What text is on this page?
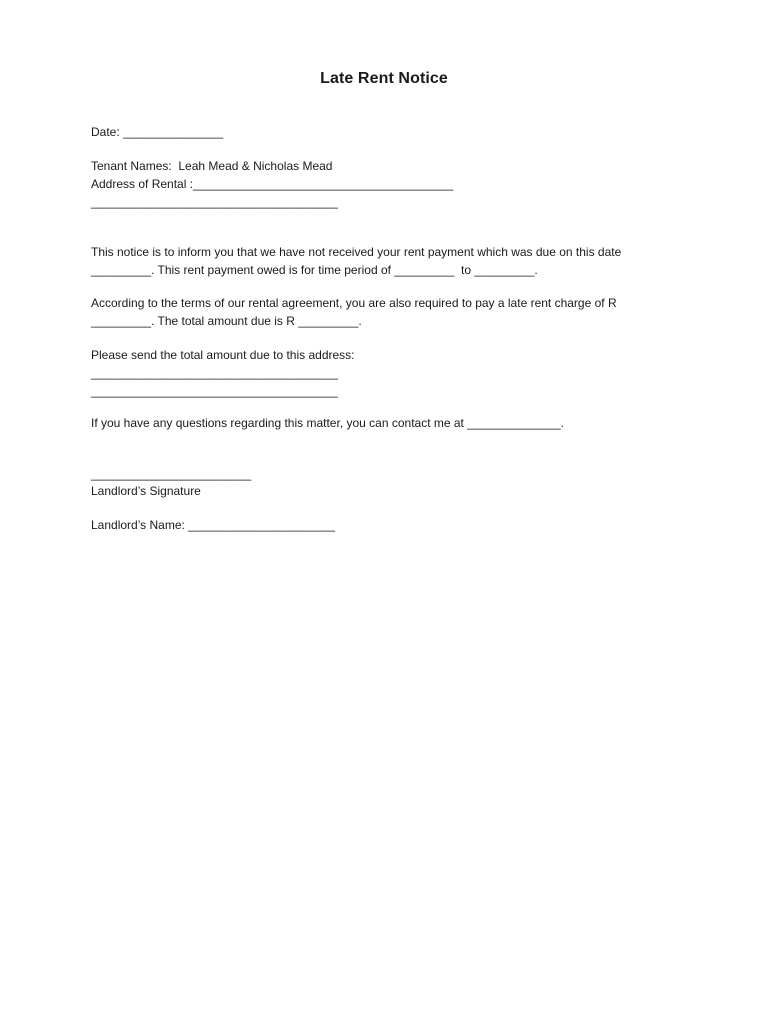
Late Rent Notice

Date: _______________

Tenant Names:  Leah Mead & Nicholas Mead

Address of Rental :_______________________________________

_____________________________________

This notice is to inform you that we have not received your rent payment which was due on this date

_________. This rent payment owed is for time period of _________  to _________.

According to the terms of our rental agreement, you are also required to pay a late rent charge of R

_________. The total amount due is R _________.

Please send the total amount due to this address:

_____________________________________

_____________________________________

If you have any questions regarding this matter, you can contact me at ______________.

________________________

Landlord’s Signature

Landlord’s Name: ______________________
